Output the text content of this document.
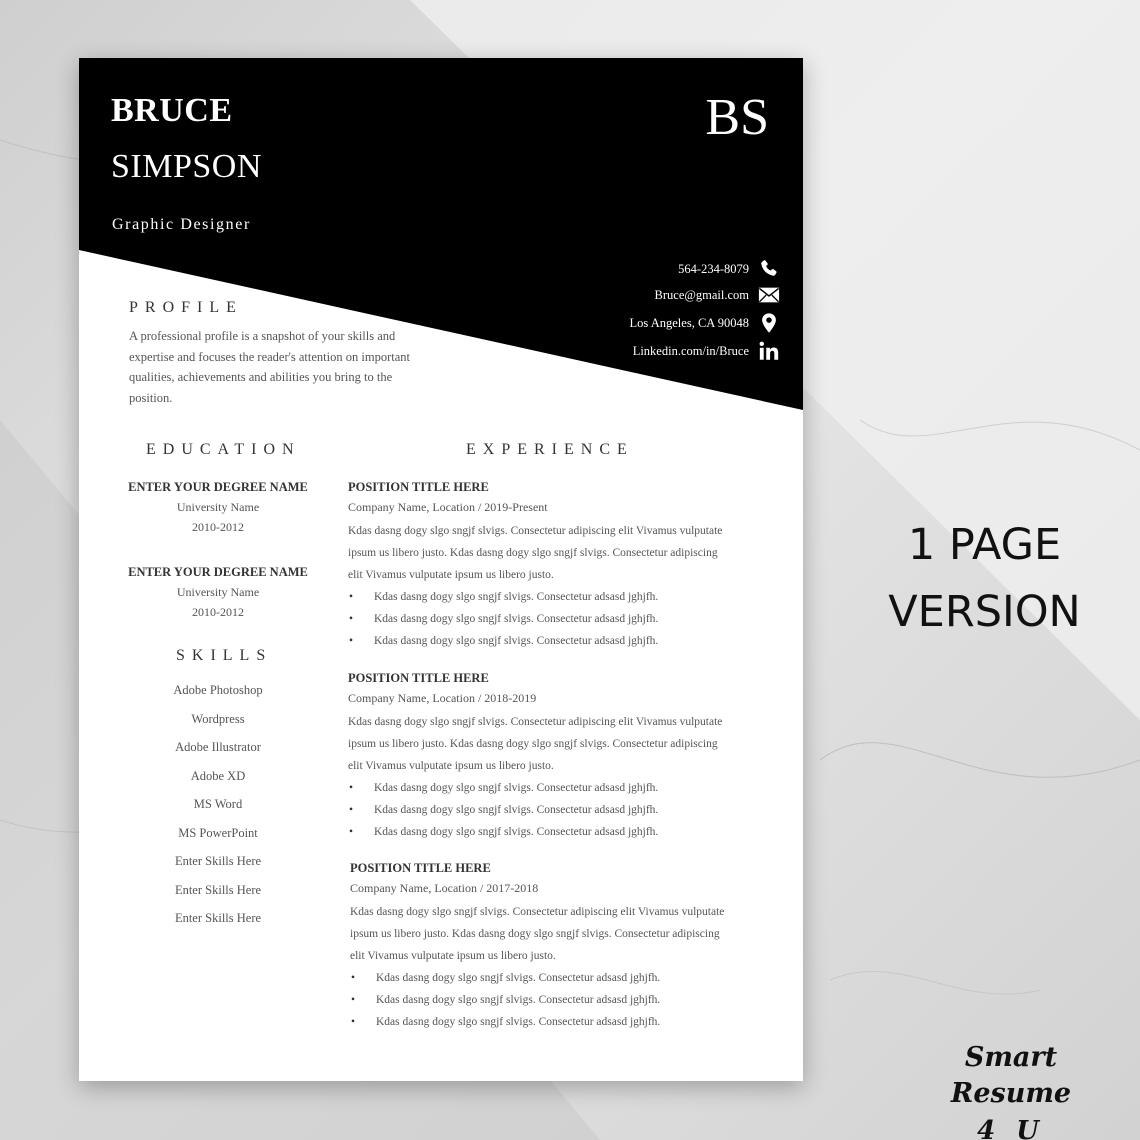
BRUCE
SIMPSON
Graphic Designer
BS
564-234-8079
Bruce@gmail.com
Los Angeles, CA 90048
Linkedin.com/in/Bruce
PROFILE
A professional profile is a snapshot of your skills and expertise and focuses the reader's attention on important qualities, achievements and abilities you bring to the position.
EDUCATION
ENTER YOUR DEGREE NAME
University Name
2010-2012
ENTER YOUR DEGREE NAME
University Name
2010-2012
SKILLS
Adobe Photoshop
Wordpress
Adobe Illustrator
Adobe XD
MS Word
MS PowerPoint
Enter Skills Here
Enter Skills Here
Enter Skills Here
EXPERIENCE
POSITION TITLE HERE
Company Name, Location / 2019-Present
Kdas dasng dogy slgo sngjf slvigs. Consectetur adipiscing elit Vivamus vulputate
ipsum us libero justo. Kdas dasng dogy slgo sngjf slvigs. Consectetur adipiscing
elit Vivamus vulputate ipsum us libero justo.
• Kdas dasng dogy slgo sngjf slvigs. Consectetur adsasd jghjfh.
• Kdas dasng dogy slgo sngjf slvigs. Consectetur adsasd jghjfh.
• Kdas dasng dogy slgo sngjf slvigs. Consectetur adsasd jghjfh.
POSITION TITLE HERE
Company Name, Location / 2018-2019
Kdas dasng dogy slgo sngjf slvigs. Consectetur adipiscing elit Vivamus vulputate
ipsum us libero justo. Kdas dasng dogy slgo sngjf slvigs. Consectetur adipiscing
elit Vivamus vulputate ipsum us libero justo.
• Kdas dasng dogy slgo sngjf slvigs. Consectetur adsasd jghjfh.
• Kdas dasng dogy slgo sngjf slvigs. Consectetur adsasd jghjfh.
• Kdas dasng dogy slgo sngjf slvigs. Consectetur adsasd jghjfh.
POSITION TITLE HERE
Company Name, Location / 2017-2018
Kdas dasng dogy slgo sngjf slvigs. Consectetur adipiscing elit Vivamus vulputate
ipsum us libero justo. Kdas dasng dogy slgo sngjf slvigs. Consectetur adipiscing
elit Vivamus vulputate ipsum us libero justo.
• Kdas dasng dogy slgo sngjf slvigs. Consectetur adsasd jghjfh.
• Kdas dasng dogy slgo sngjf slvigs. Consectetur adsasd jghjfh.
• Kdas dasng dogy slgo sngjf slvigs. Consectetur adsasd jghjfh.
1 PAGE
VERSION
Smart Resume
4 U
